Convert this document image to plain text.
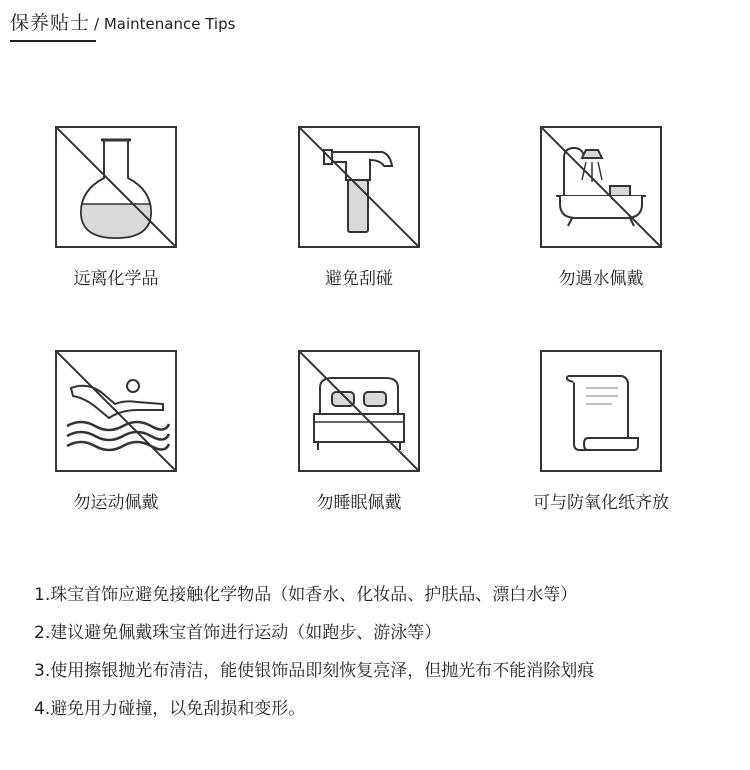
保养贴士 / Maintenance Tips
远离化学品	避免刮碰	勿遇水佩戴
勿运动佩戴	勿睡眠佩戴	可与防氧化纸齐放
1.珠宝首饰应避免接触化学物品（如香水、化妆品、护肤品、漂白水等）
2.建议避免佩戴珠宝首饰进行运动（如跑步、游泳等）
3.使用擦银抛光布清洁，能使银饰品即刻恢复亮泽，但抛光布不能消除划痕
4.避免用力碰撞，以免刮损和变形。
